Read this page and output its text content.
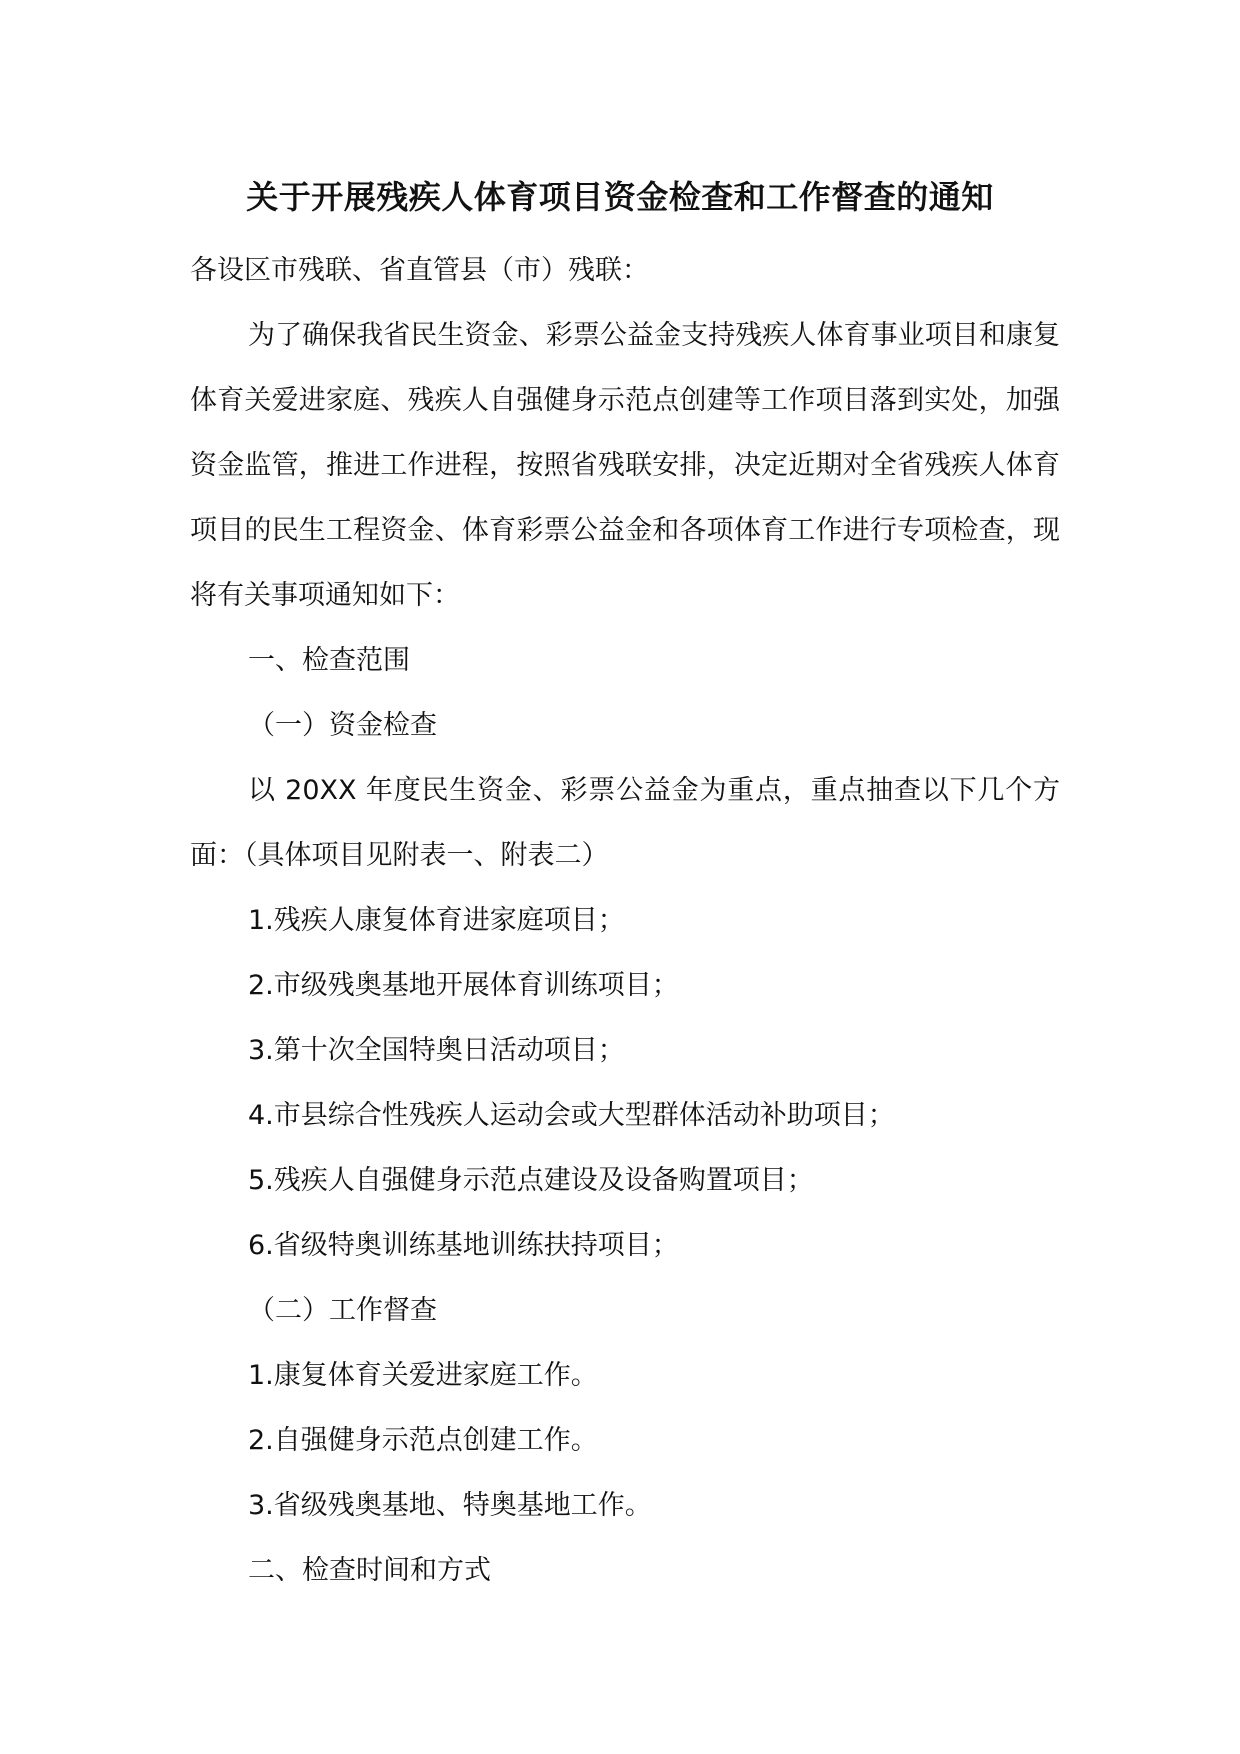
关于开展残疾人体育项目资金检查和工作督查的通知
各设区市残联、省直管县（市）残联：

为了确保我省民生资金、彩票公益金支持残疾人体育事业项目和康复体育关爱进家庭、残疾人自强健身示范点创建等工作项目落到实处，加强资金监管，推进工作进程，按照省残联安排，决定近期对全省残疾人体育项目的民生工程资金、体育彩票公益金和各项体育工作进行专项检查，现将有关事项通知如下：

一、检查范围
（一）资金检查

以 20XX 年度民生资金、彩票公益金为重点，重点抽查以下几个方面：（具体项目见附表一、附表二）

1.残疾人康复体育进家庭项目；
2.市级残奥基地开展体育训练项目；
3.第十次全国特奥日活动项目；
4.市县综合性残疾人运动会或大型群体活动补助项目；
5.残疾人自强健身示范点建设及设备购置项目；
6.省级特奥训练基地训练扶持项目；
（二）工作督查
1.康复体育关爱进家庭工作。
2.自强健身示范点创建工作。
3.省级残奥基地、特奥基地工作。
二、检查时间和方式
